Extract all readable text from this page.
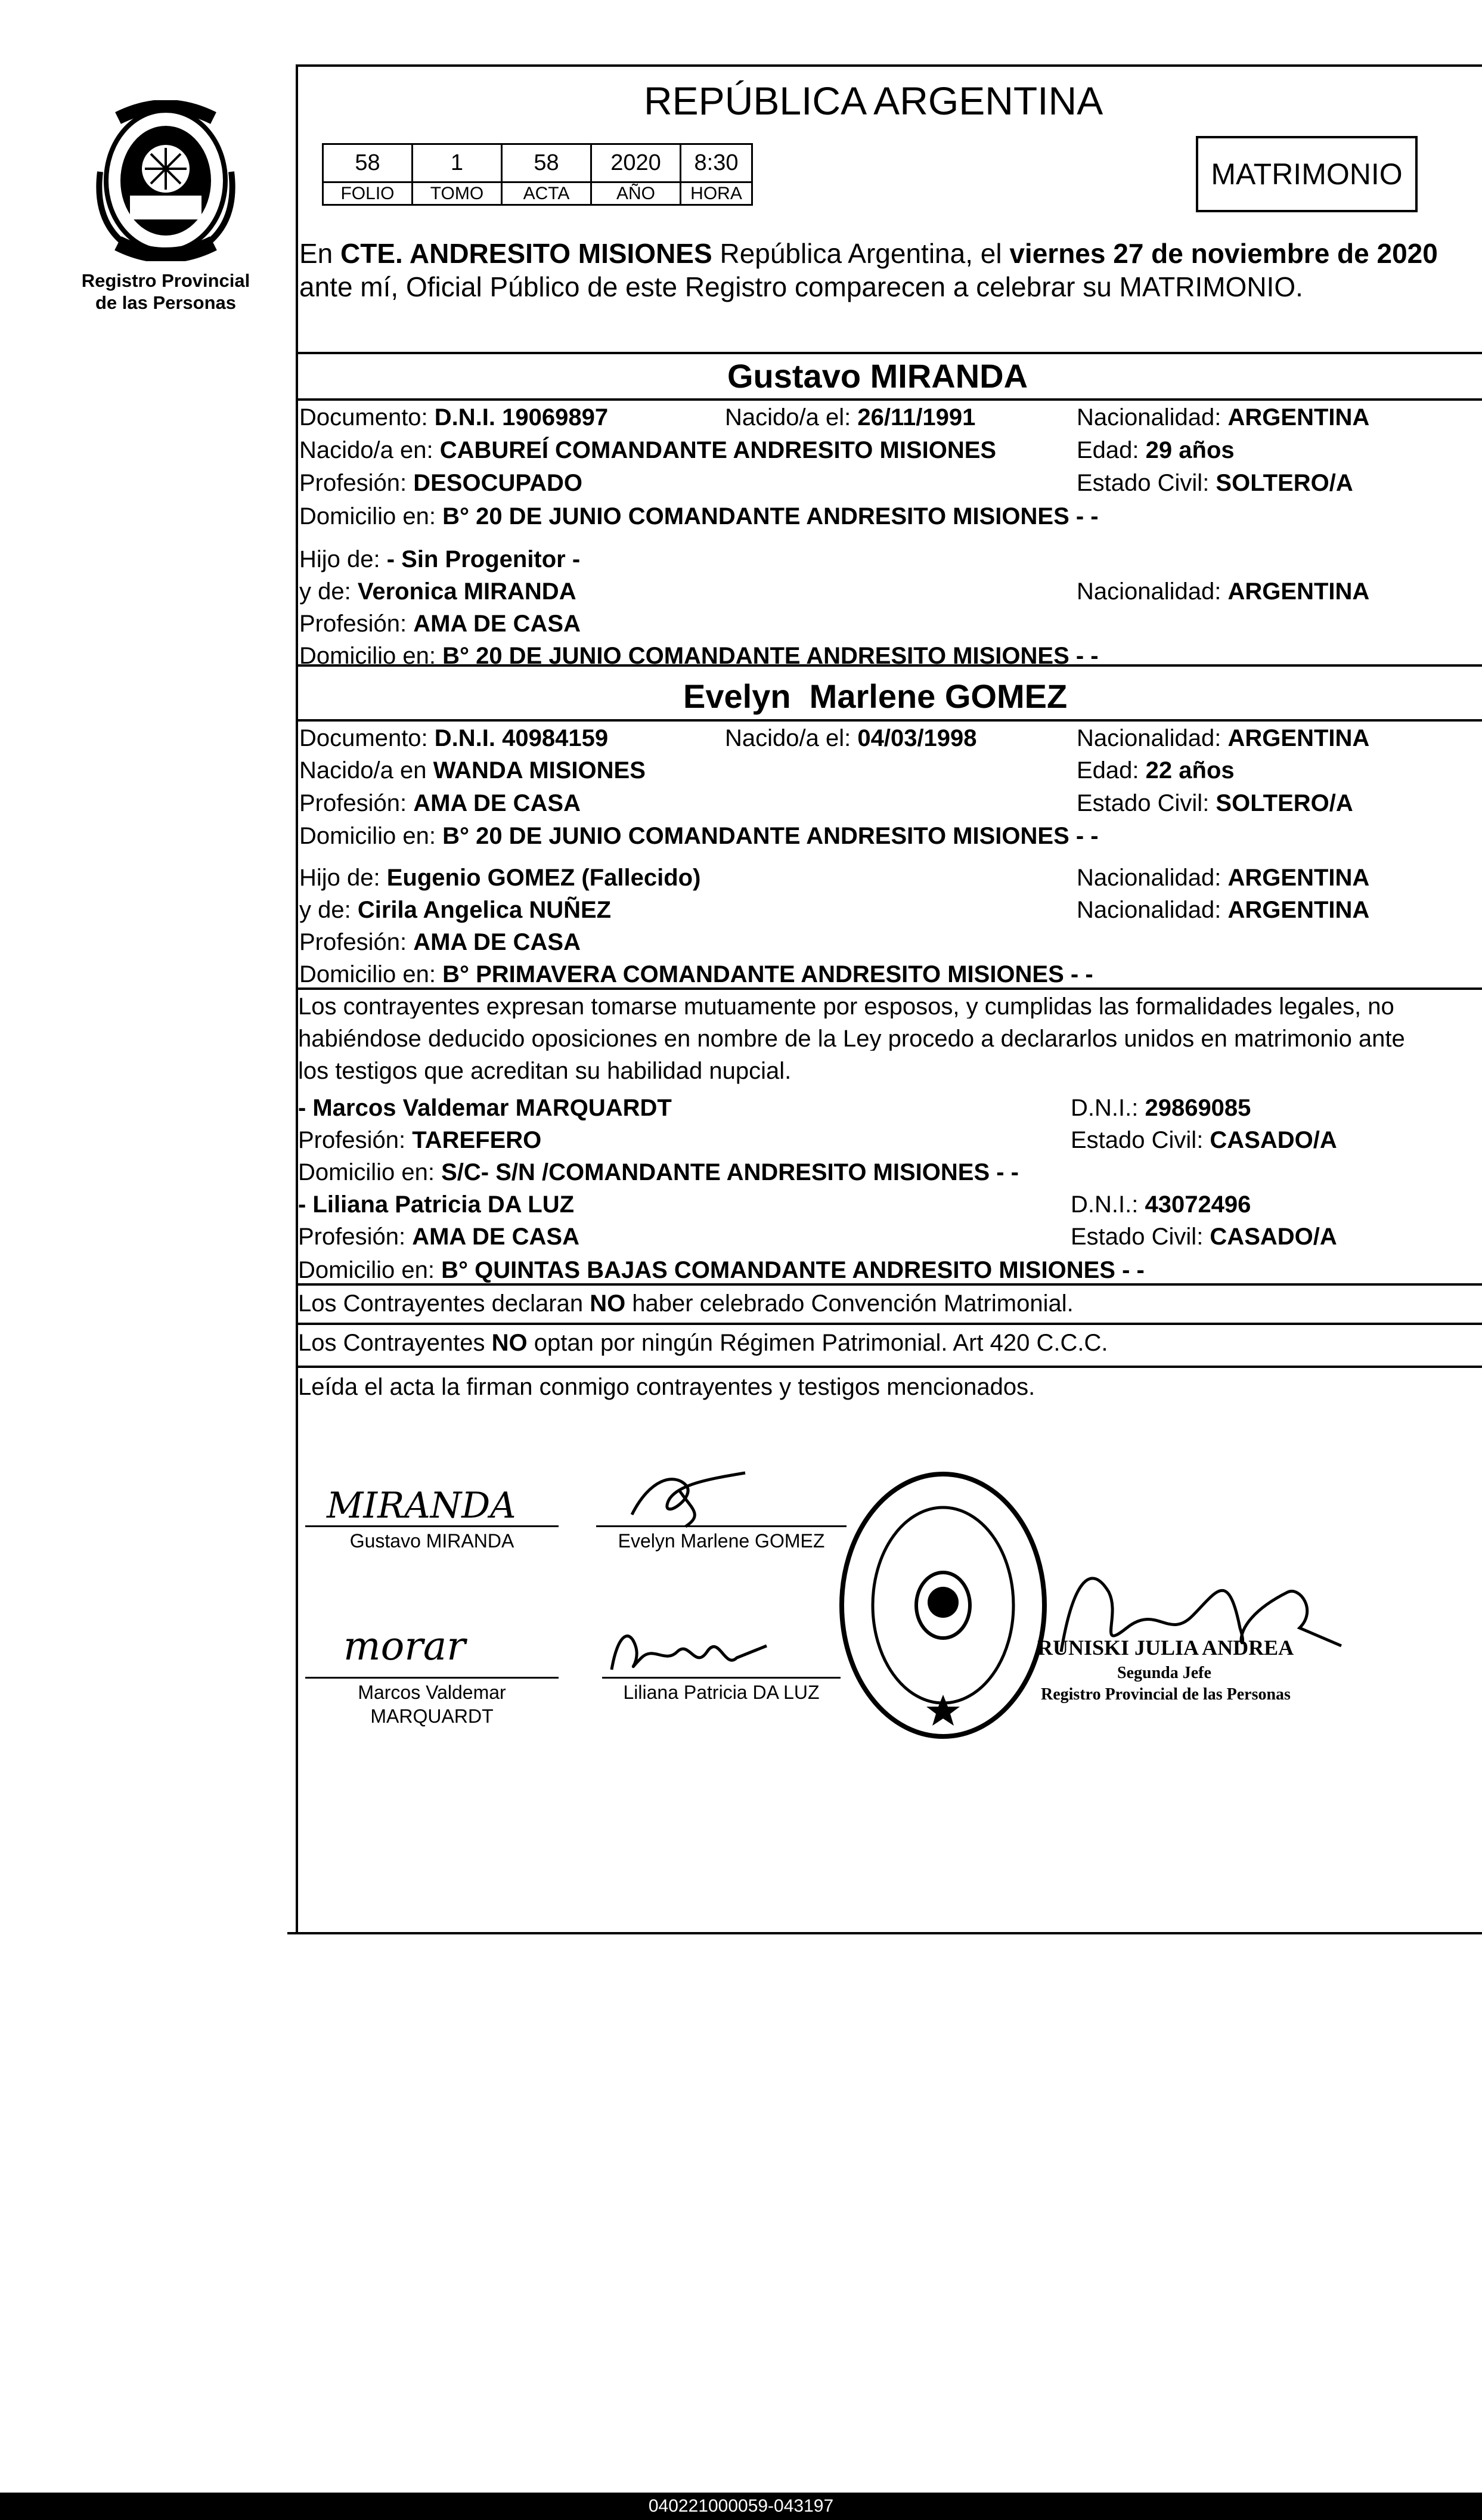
Registro Provincial
de las Personas
REPÚBLICA ARGENTINA
58	1	58	2020	8:30
FOLIO	TOMO	ACTA	AÑO	HORA
MATRIMONIO
En CTE. ANDRESITO MISIONES República Argentina, el viernes 27 de noviembre de 2020
ante mí, Oficial Público de este Registro comparecen a celebrar su MATRIMONIO.
Gustavo MIRANDA
Documento: D.N.I. 19069897	Nacido/a el: 26/11/1991	Nacionalidad: ARGENTINA
Nacido/a en: CABUREÍ COMANDANTE ANDRESITO MISIONES	Edad: 29 años
Profesión: DESOCUPADO	Estado Civil: SOLTERO/A
Domicilio en: B° 20 DE JUNIO COMANDANTE ANDRESITO MISIONES - -
Hijo de: - Sin Progenitor -
y de: Veronica MIRANDA	Nacionalidad: ARGENTINA
Profesión: AMA DE CASA
Domicilio en: B° 20 DE JUNIO COMANDANTE ANDRESITO MISIONES - -
Evelyn  Marlene GOMEZ
Documento: D.N.I. 40984159	Nacido/a el: 04/03/1998	Nacionalidad: ARGENTINA
Nacido/a en WANDA MISIONES	Edad: 22 años
Profesión: AMA DE CASA	Estado Civil: SOLTERO/A
Domicilio en: B° 20 DE JUNIO COMANDANTE ANDRESITO MISIONES - -
Hijo de: Eugenio GOMEZ (Fallecido)	Nacionalidad: ARGENTINA
y de: Cirila Angelica NUÑEZ	Nacionalidad: ARGENTINA
Profesión: AMA DE CASA
Domicilio en: B° PRIMAVERA COMANDANTE ANDRESITO MISIONES - -
Los contrayentes expresan tomarse mutuamente por esposos, y cumplidas las formalidades legales, no
habiéndose deducido oposiciones en nombre de la Ley procedo a declararlos unidos en matrimonio ante
los testigos que acreditan su habilidad nupcial.
- Marcos Valdemar MARQUARDT	D.N.I.: 29869085
Profesión: TAREFERO	Estado Civil: CASADO/A
Domicilio en: S/C- S/N /COMANDANTE ANDRESITO MISIONES - -
- Liliana Patricia DA LUZ	D.N.I.: 43072496
Profesión: AMA DE CASA	Estado Civil: CASADO/A
Domicilio en: B° QUINTAS BAJAS COMANDANTE ANDRESITO MISIONES - -
Los Contrayentes declaran NO haber celebrado Convención Matrimonial.
Los Contrayentes NO optan por ningún Régimen Patrimonial. Art 420 C.C.C.
Leída el acta la firman conmigo contrayentes y testigos mencionados.
MIRANDA
Gustavo MIRANDA	Evelyn Marlene GOMEZ
morar
Marcos Valdemar
MARQUARDT
Liliana Patricia DA LUZ
RUNISKI JULIA ANDREA
Segunda Jefe
Registro Provincial de las Personas
040221000059-043197
